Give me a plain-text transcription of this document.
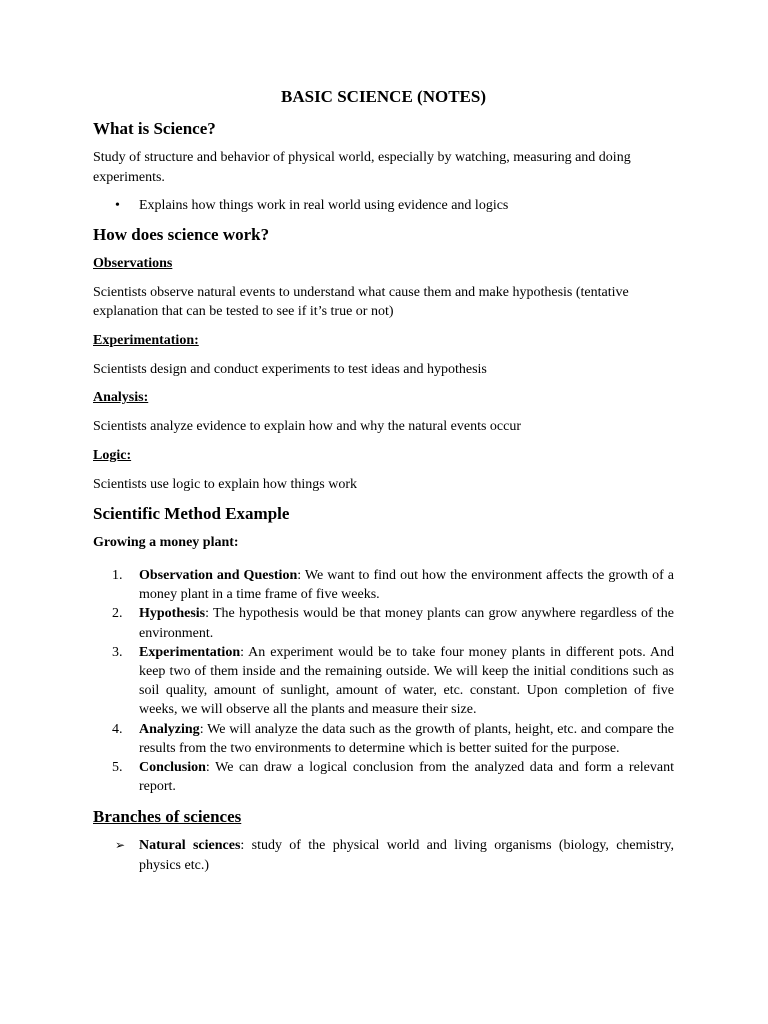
BASIC SCIENCE (NOTES)
What is Science?

Study of structure and behavior of physical world, especially by watching, measuring and doing experiments.

• Explains how things work in real world using evidence and logics
How does science work?
Observations

Scientists observe natural events to understand what cause them and make hypothesis (tentative explanation that can be tested to see if it’s true or not)

Experimentation:

Scientists design and conduct experiments to test ideas and hypothesis

Analysis:

Scientists analyze evidence to explain how and why the natural events occur

Logic:

Scientists use logic to explain how things work

Scientific Method Example
Growing a money plant:
1. Observation and Question: We want to find out how the environment affects the growth of a money plant in a time frame of five weeks.
2. Hypothesis: The hypothesis would be that money plants can grow anywhere regardless of the environment.
3. Experimentation: An experiment would be to take four money plants in different pots. And keep two of them inside and the remaining outside. We will keep the initial conditions such as soil quality, amount of sunlight, amount of water, etc. constant. Upon completion of five weeks, we will observe all the plants and measure their size.
4. Analyzing: We will analyze the data such as the growth of plants, height, etc. and compare the results from the two environments to determine which is better suited for the purpose.
5. Conclusion: We can draw a logical conclusion from the analyzed data and form a relevant report.
Branches of sciences
➢ Natural sciences: study of the physical world and living organisms (biology, chemistry, physics etc.)
